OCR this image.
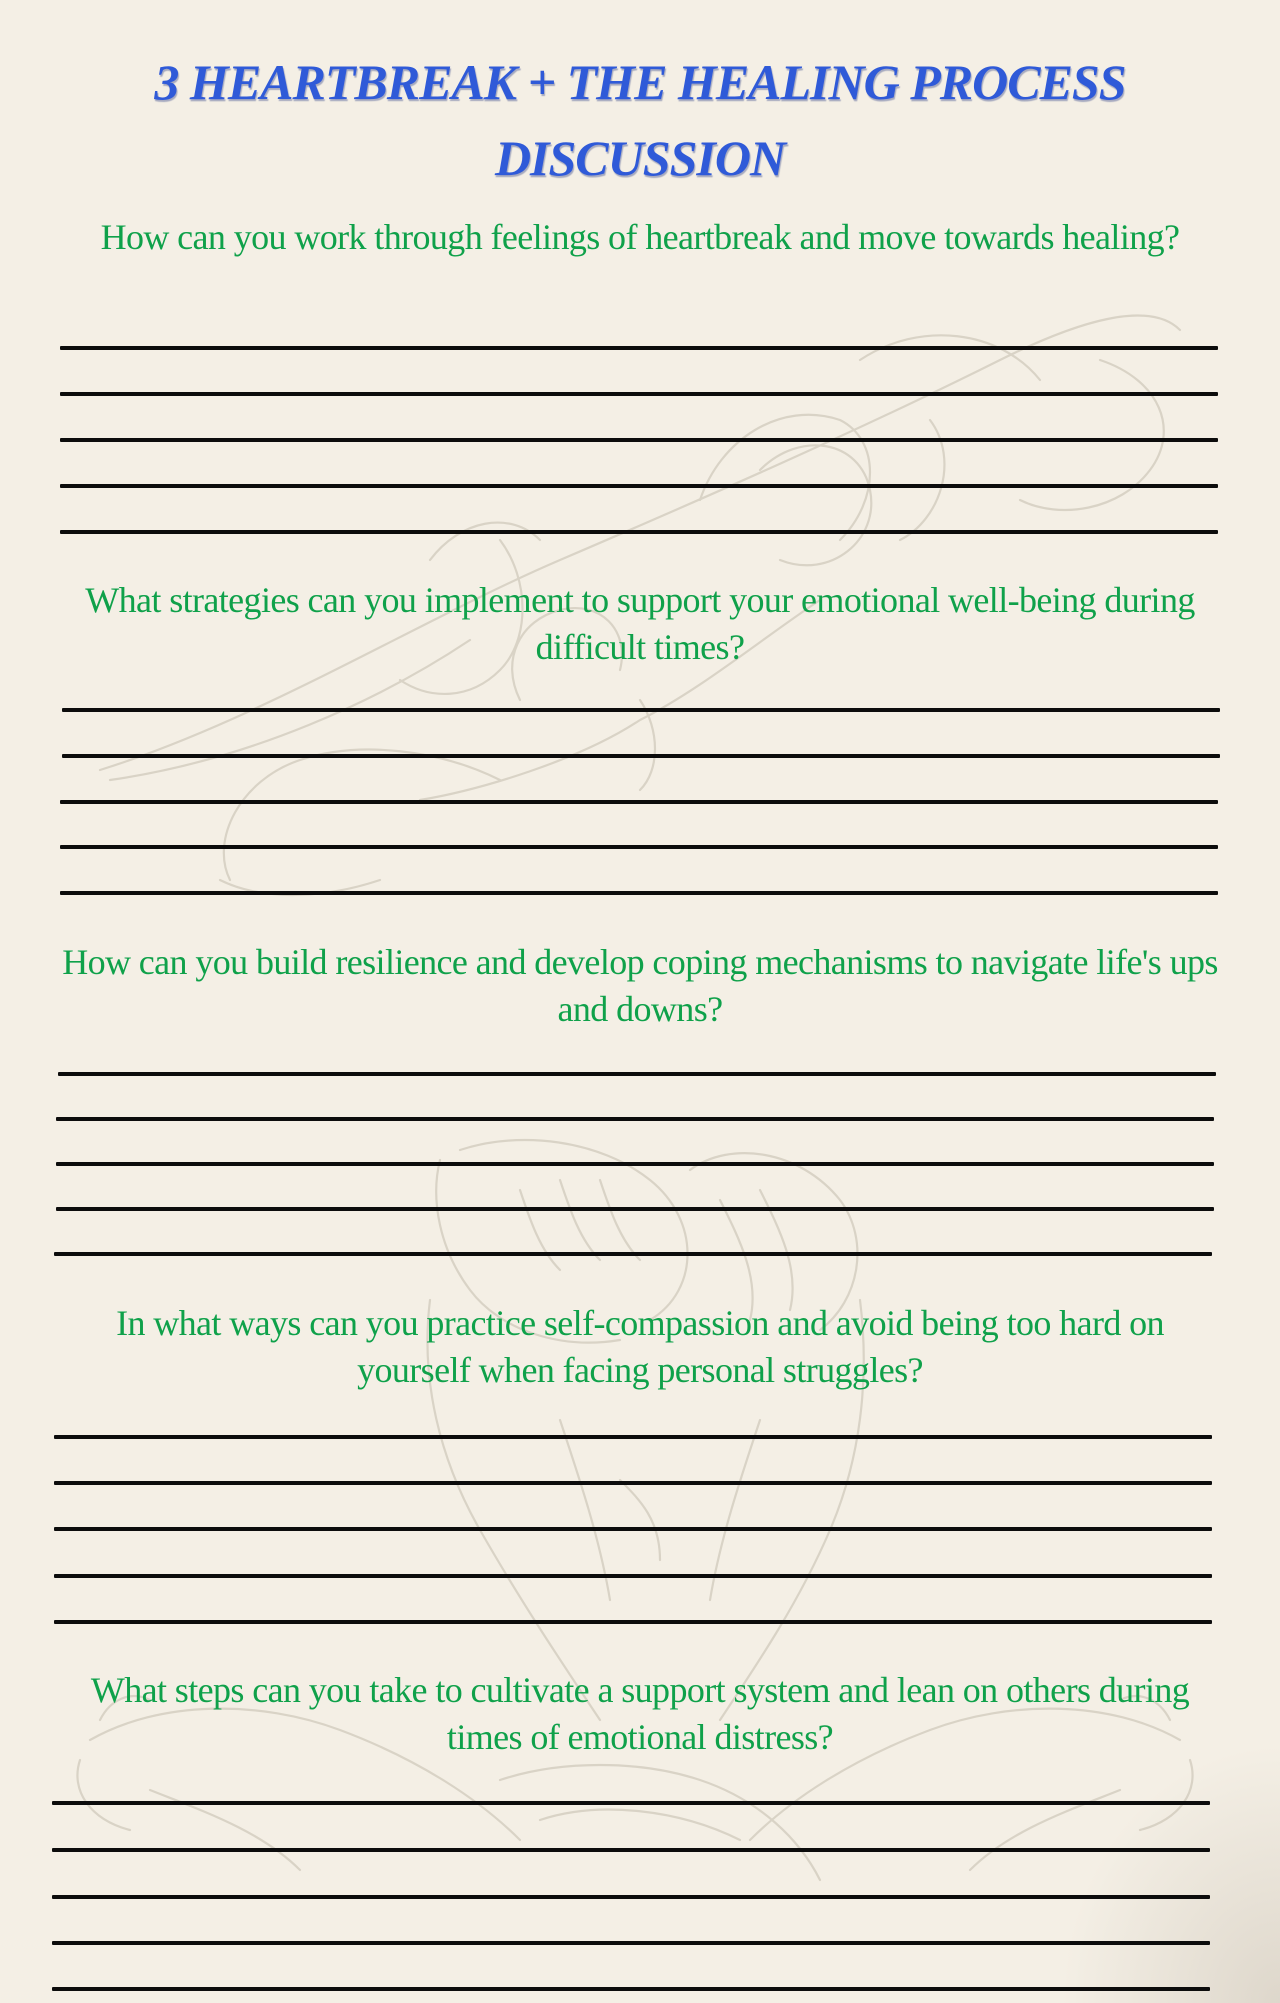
3 HEARTBREAK + THE HEALING PROCESS DISCUSSION
How can you work through feelings of heartbreak and move towards healing?
What strategies can you implement to support your emotional well-being during difficult times?
How can you build resilience and develop coping mechanisms to navigate life's ups and downs?
In what ways can you practice self-compassion and avoid being too hard on yourself when facing personal struggles?
What steps can you take to cultivate a support system and lean on others during times of emotional distress?
